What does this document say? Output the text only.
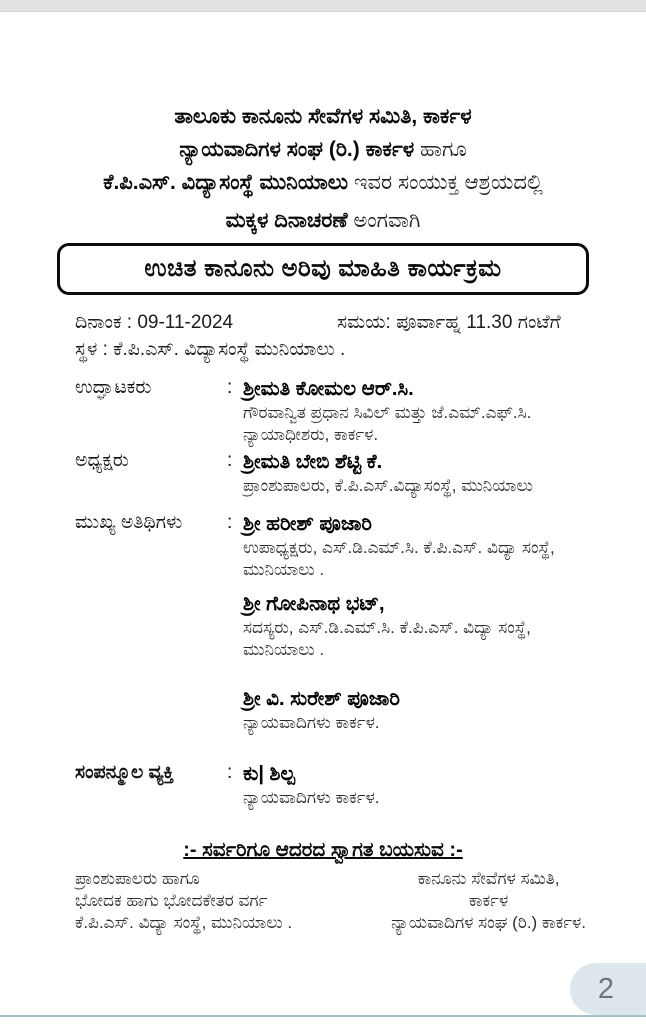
ತಾಲೂಕು ಕಾನೂನು ಸೇವೆಗಳ ಸಮಿತಿ, ಕಾರ್ಕಳ
ನ್ಯಾಯವಾದಿಗಳ ಸಂಘ (ರಿ.) ಕಾರ್ಕಳ ಹಾಗೂ
ಕೆ.ಪಿ.ಎಸ್. ವಿದ್ಯಾಸಂಸ್ಥೆ ಮುನಿಯಾಲು ಇವರ ಸಂಯುಕ್ತ ಆಶ್ರಯದಲ್ಲಿ
ಮಕ್ಕಳ ದಿನಾಚರಣೆ ಅಂಗವಾಗಿ
ಉಚಿತ ಕಾನೂನು ಅರಿವು ಮಾಹಿತಿ ಕಾರ್ಯಕ್ರಮ
ದಿನಾಂಕ : 09-11-2024	ಸಮಯ: ಪೂರ್ವಾಹ್ನ 11.30 ಗಂಟೆಗೆ
ಸ್ಥಳ : ಕೆ.ಪಿ.ಎಸ್. ವಿದ್ಯಾಸಂಸ್ಥೆ ಮುನಿಯಾಲು .
ಉದ್ಘಾಟಕರು	: ಶ್ರೀಮತಿ ಕೋಮಲ ಆರ್.ಸಿ.
ಗೌರವಾನ್ವಿತ ಪ್ರಧಾನ ಸಿವಿಲ್ ಮತ್ತು ಜೆ.ಎಮ್.ಎಫ್.ಸಿ.
ನ್ಯಾಯಾಧೀಶರು, ಕಾರ್ಕಳ.
ಅಧ್ಯಕ್ಷರು	: ಶ್ರೀಮತಿ ಬೇಬಿ ಶೆಟ್ಟಿ ಕೆ.
ಪ್ರಾಂಶುಪಾಲರು, ಕೆ.ಪಿ.ಎಸ್.ವಿದ್ಯಾಸಂಸ್ಥೆ, ಮುನಿಯಾಲು
ಮುಖ್ಯ ಅತಿಥಿಗಳು	: ಶ್ರೀ ಹರೀಶ್ ಪೂಜಾರಿ
ಉಪಾಧ್ಯಕ್ಷರು, ಎಸ್.ಡಿ.ಎಮ್.ಸಿ. ಕೆ.ಪಿ.ಎಸ್. ವಿದ್ಯಾ ಸಂಸ್ಥೆ,
ಮುನಿಯಾಲು .
ಶ್ರೀ ಗೋಪಿನಾಥ ಭಟ್,
ಸದಸ್ಯರು, ಎಸ್.ಡಿ.ಎಮ್.ಸಿ. ಕೆ.ಪಿ.ಎಸ್. ವಿದ್ಯಾ ಸಂಸ್ಥೆ,
ಮುನಿಯಾಲು .
ಶ್ರೀ ವಿ. ಸುರೇಶ್ ಪೂಜಾರಿ
ನ್ಯಾಯವಾದಿಗಳು ಕಾರ್ಕಳ.
ಸಂಪನ್ಮೂಲ ವ್ಯಕ್ತಿ	: ಕು| ಶಿಲ್ಪ
ನ್ಯಾಯವಾದಿಗಳು ಕಾರ್ಕಳ.
:- ಸರ್ವರಿಗೂ ಆದರದ ಸ್ವಾಗತ ಬಯಸುವ :-
ಪ್ರಾಂಶುಪಾಲರು ಹಾಗೂ
ಭೋದಕ ಹಾಗು ಭೋದಕೇತರ ವರ್ಗ
ಕೆ.ಪಿ.ಎಸ್. ವಿದ್ಯಾ ಸಂಸ್ಥೆ, ಮುನಿಯಾಲು .
ಕಾನೂನು ಸೇವೆಗಳ ಸಮಿತಿ,
ಕಾರ್ಕಳ
ನ್ಯಾಯವಾದಿಗಳ ಸಂಘ (ರಿ.) ಕಾರ್ಕಳ.
2
